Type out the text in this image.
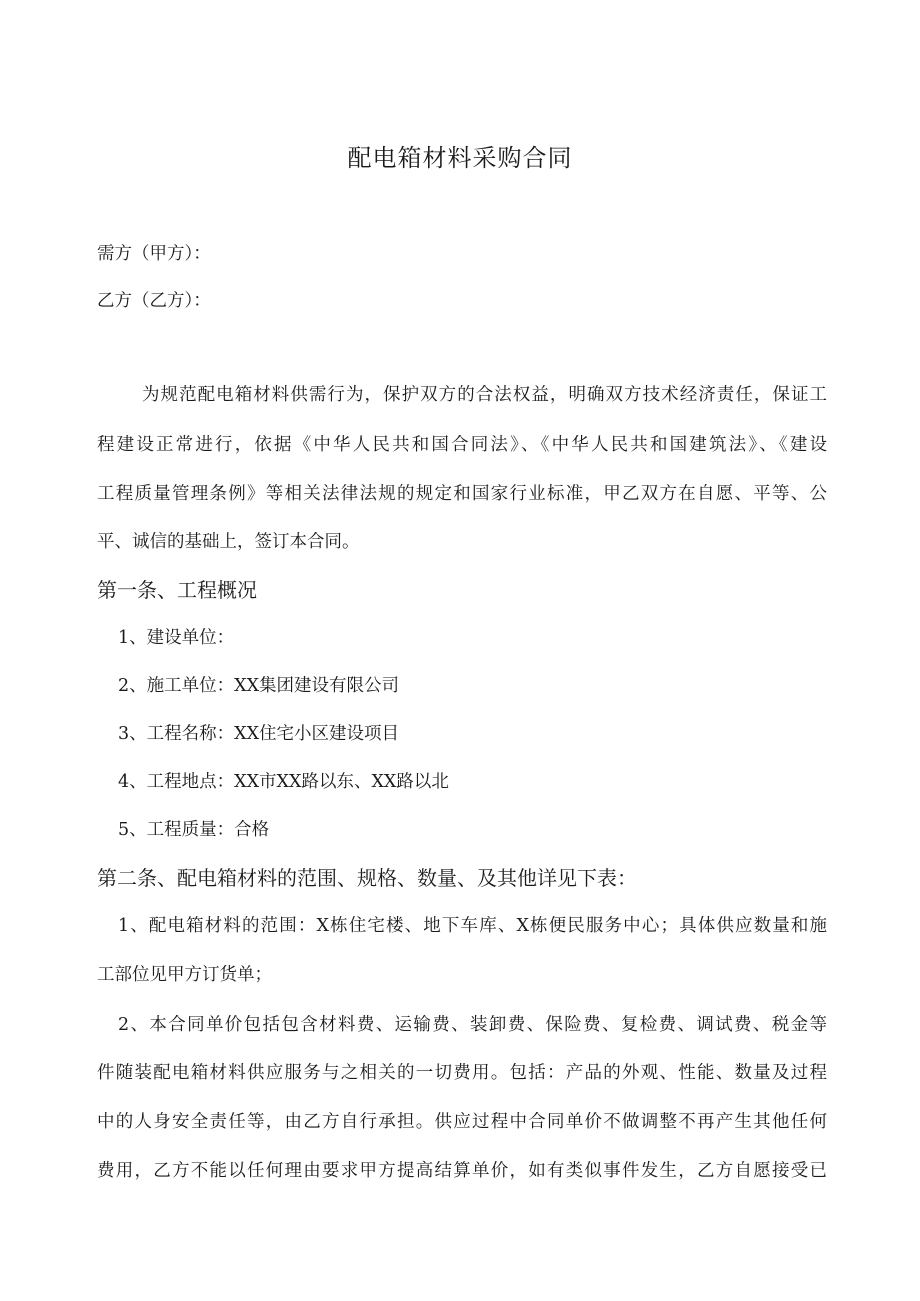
配电箱材料采购合同
需方（甲方）：
乙方（乙方）：
为规范配电箱材料供需行为，保护双方的合法权益，明确双方技术经济责任，保证工
程建设正常进行，依据《中华人民共和国合同法》、《中华人民共和国建筑法》、《建设
工程质量管理条例》等相关法律法规的规定和国家行业标准，甲乙双方在自愿、平等、公
平、诚信的基础上，签订本合同。
第一条、工程概况
1、建设单位：
2、施工单位：XX集团建设有限公司
3、工程名称：XX住宅小区建设项目
4、工程地点：XX市XX路以东、XX路以北
5、工程质量：合格
第二条、配电箱材料的范围、规格、数量、及其他详见下表：
1、配电箱材料的范围：X栋住宅楼、地下车库、X栋便民服务中心；具体供应数量和施
工部位见甲方订货单；
2、本合同单价包括包含材料费、运输费、装卸费、保险费、复检费、调试费、税金等
件随装配电箱材料供应服务与之相关的一切费用。包括：产品的外观、性能、数量及过程
中的人身安全责任等，由乙方自行承担。供应过程中合同单价不做调整不再产生其他任何
费用，乙方不能以任何理由要求甲方提高结算单价，如有类似事件发生，乙方自愿接受已
